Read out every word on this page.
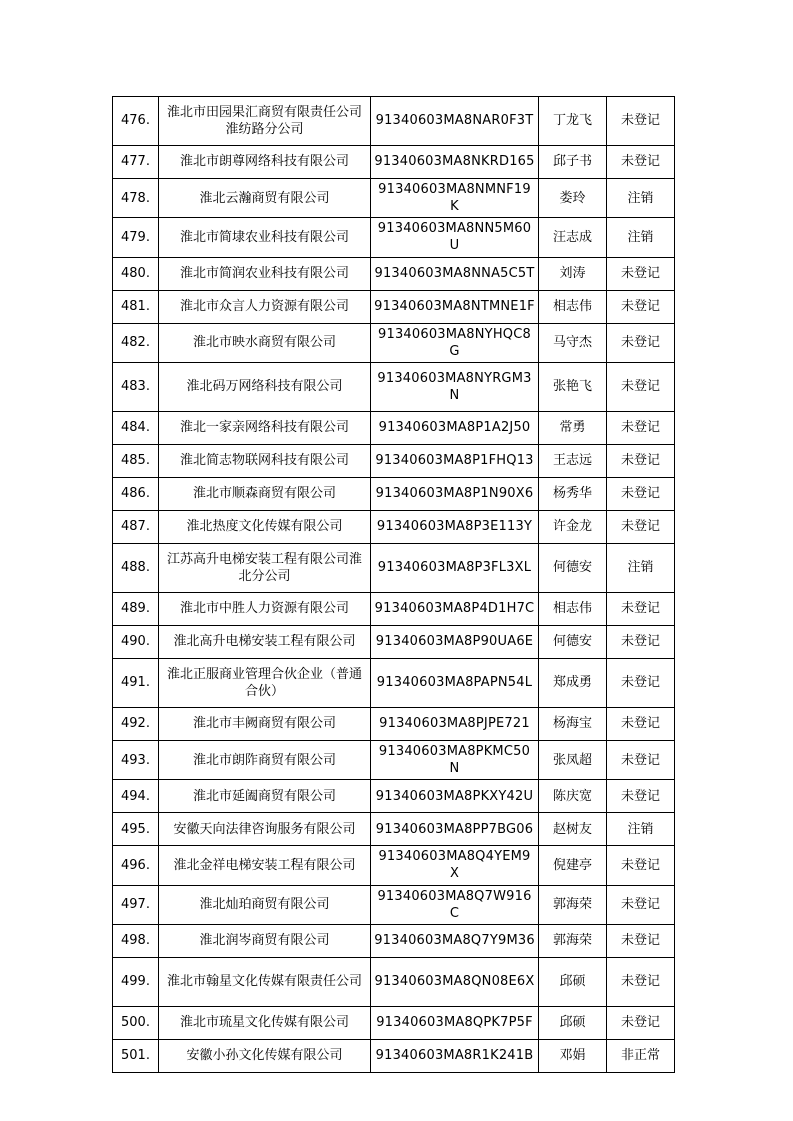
476.	淮北市田园果汇商贸有限责任公司淮纺路分公司	91340603MA8NAR0F3T	丁龙飞	未登记
477.	淮北市朗尊网络科技有限公司	91340603MA8NKRD165	邱子书	未登记
478.	淮北云瀚商贸有限公司	91340603MA8NMNF19K	娄玲	注销
479.	淮北市简埭农业科技有限公司	91340603MA8NN5M60U	汪志成	注销
480.	淮北市简润农业科技有限公司	91340603MA8NNA5C5T	刘涛	未登记
481.	淮北市众言人力资源有限公司	91340603MA8NTMNE1F	相志伟	未登记
482.	淮北市映水商贸有限公司	91340603MA8NYHQC8G	马守杰	未登记
483.	淮北码万网络科技有限公司	91340603MA8NYRGM3N	张艳飞	未登记
484.	淮北一家亲网络科技有限公司	91340603MA8P1A2J50	常勇	未登记
485.	淮北简志物联网科技有限公司	91340603MA8P1FHQ13	王志远	未登记
486.	淮北市顺森商贸有限公司	91340603MA8P1N90X6	杨秀华	未登记
487.	淮北热度文化传媒有限公司	91340603MA8P3E113Y	许金龙	未登记
488.	江苏高升电梯安装工程有限公司淮北分公司	91340603MA8P3FL3XL	何德安	注销
489.	淮北市中胜人力资源有限公司	91340603MA8P4D1H7C	相志伟	未登记
490.	淮北高升电梯安装工程有限公司	91340603MA8P90UA6E	何德安	未登记
491.	淮北正服商业管理合伙企业（普通合伙）	91340603MA8PAPN54L	郑成勇	未登记
492.	淮北市丰阙商贸有限公司	91340603MA8PJPE721	杨海宝	未登记
493.	淮北市朗阼商贸有限公司	91340603MA8PKMC50N	张凤超	未登记
494.	淮北市延阖商贸有限公司	91340603MA8PKXY42U	陈庆宽	未登记
495.	安徽天向法律咨询服务有限公司	91340603MA8PP7BG06	赵树友	注销
496.	淮北金祥电梯安装工程有限公司	91340603MA8Q4YEM9X	倪建亭	未登记
497.	淮北灿珀商贸有限公司	91340603MA8Q7W916C	郭海荣	未登记
498.	淮北润岑商贸有限公司	91340603MA8Q7Y9M36	郭海荣	未登记
499.	淮北市翰星文化传媒有限责任公司	91340603MA8QN08E6X	邱硕	未登记
500.	淮北市琉星文化传媒有限公司	91340603MA8QPK7P5F	邱硕	未登记
501.	安徽小孙文化传媒有限公司	91340603MA8R1K241B	邓娟	非正常
